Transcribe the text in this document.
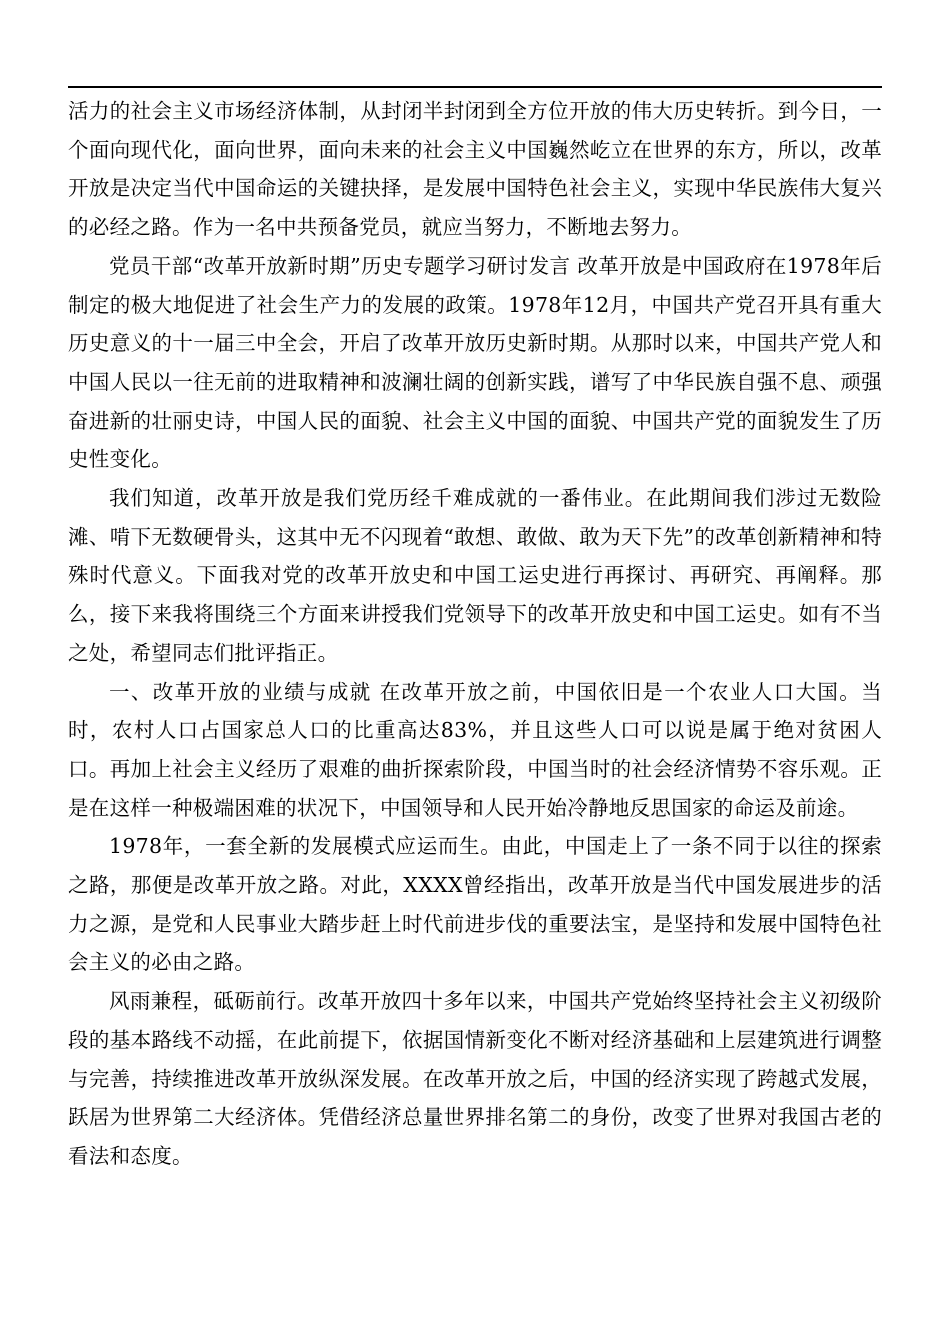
活力的社会主义市场经济体制，从封闭半封闭到全方位开放的伟大历史转折。到今日，一个面向现代化，面向世界，面向未来的社会主义中国巍然屹立在世界的东方，所以，改革开放是决定当代中国命运的关键抉择，是发展中国特色社会主义，实现中华民族伟大复兴的必经之路。作为一名中共预备党员，就应当努力，不断地去努力。

党员干部“改革开放新时期”历史专题学习研讨发言 改革开放是中国政府在1978年后制定的极大地促进了社会生产力的发展的政策。1978年12月，中国共产党召开具有重大历史意义的十一届三中全会，开启了改革开放历史新时期。从那时以来，中国共产党人和中国人民以一往无前的进取精神和波澜壮阔的创新实践，谱写了中华民族自强不息、顽强奋进新的壮丽史诗，中国人民的面貌、社会主义中国的面貌、中国共产党的面貌发生了历史性变化。

我们知道，改革开放是我们党历经千难成就的一番伟业。在此期间我们涉过无数险滩、啃下无数硬骨头，这其中无不闪现着“敢想、敢做、敢为天下先”的改革创新精神和特殊时代意义。下面我对党的改革开放史和中国工运史进行再探讨、再研究、再阐释。那么，接下来我将围绕三个方面来讲授我们党领导下的改革开放史和中国工运史。如有不当之处，希望同志们批评指正。

一、改革开放的业绩与成就 在改革开放之前，中国依旧是一个农业人口大国。当时，农村人口占国家总人口的比重高达83%，并且这些人口可以说是属于绝对贫困人口。再加上社会主义经历了艰难的曲折探索阶段，中国当时的社会经济情势不容乐观。正是在这样一种极端困难的状况下，中国领导和人民开始冷静地反思国家的命运及前途。

1978年，一套全新的发展模式应运而生。由此，中国走上了一条不同于以往的探索之路，那便是改革开放之路。对此，XXXX曾经指出，改革开放是当代中国发展进步的活力之源，是党和人民事业大踏步赶上时代前进步伐的重要法宝，是坚持和发展中国特色社会主义的必由之路。

风雨兼程，砥砺前行。改革开放四十多年以来，中国共产党始终坚持社会主义初级阶段的基本路线不动摇，在此前提下，依据国情新变化不断对经济基础和上层建筑进行调整与完善，持续推进改革开放纵深发展。在改革开放之后，中国的经济实现了跨越式发展，跃居为世界第二大经济体。凭借经济总量世界排名第二的身份，改变了世界对我国古老的看法和态度。
